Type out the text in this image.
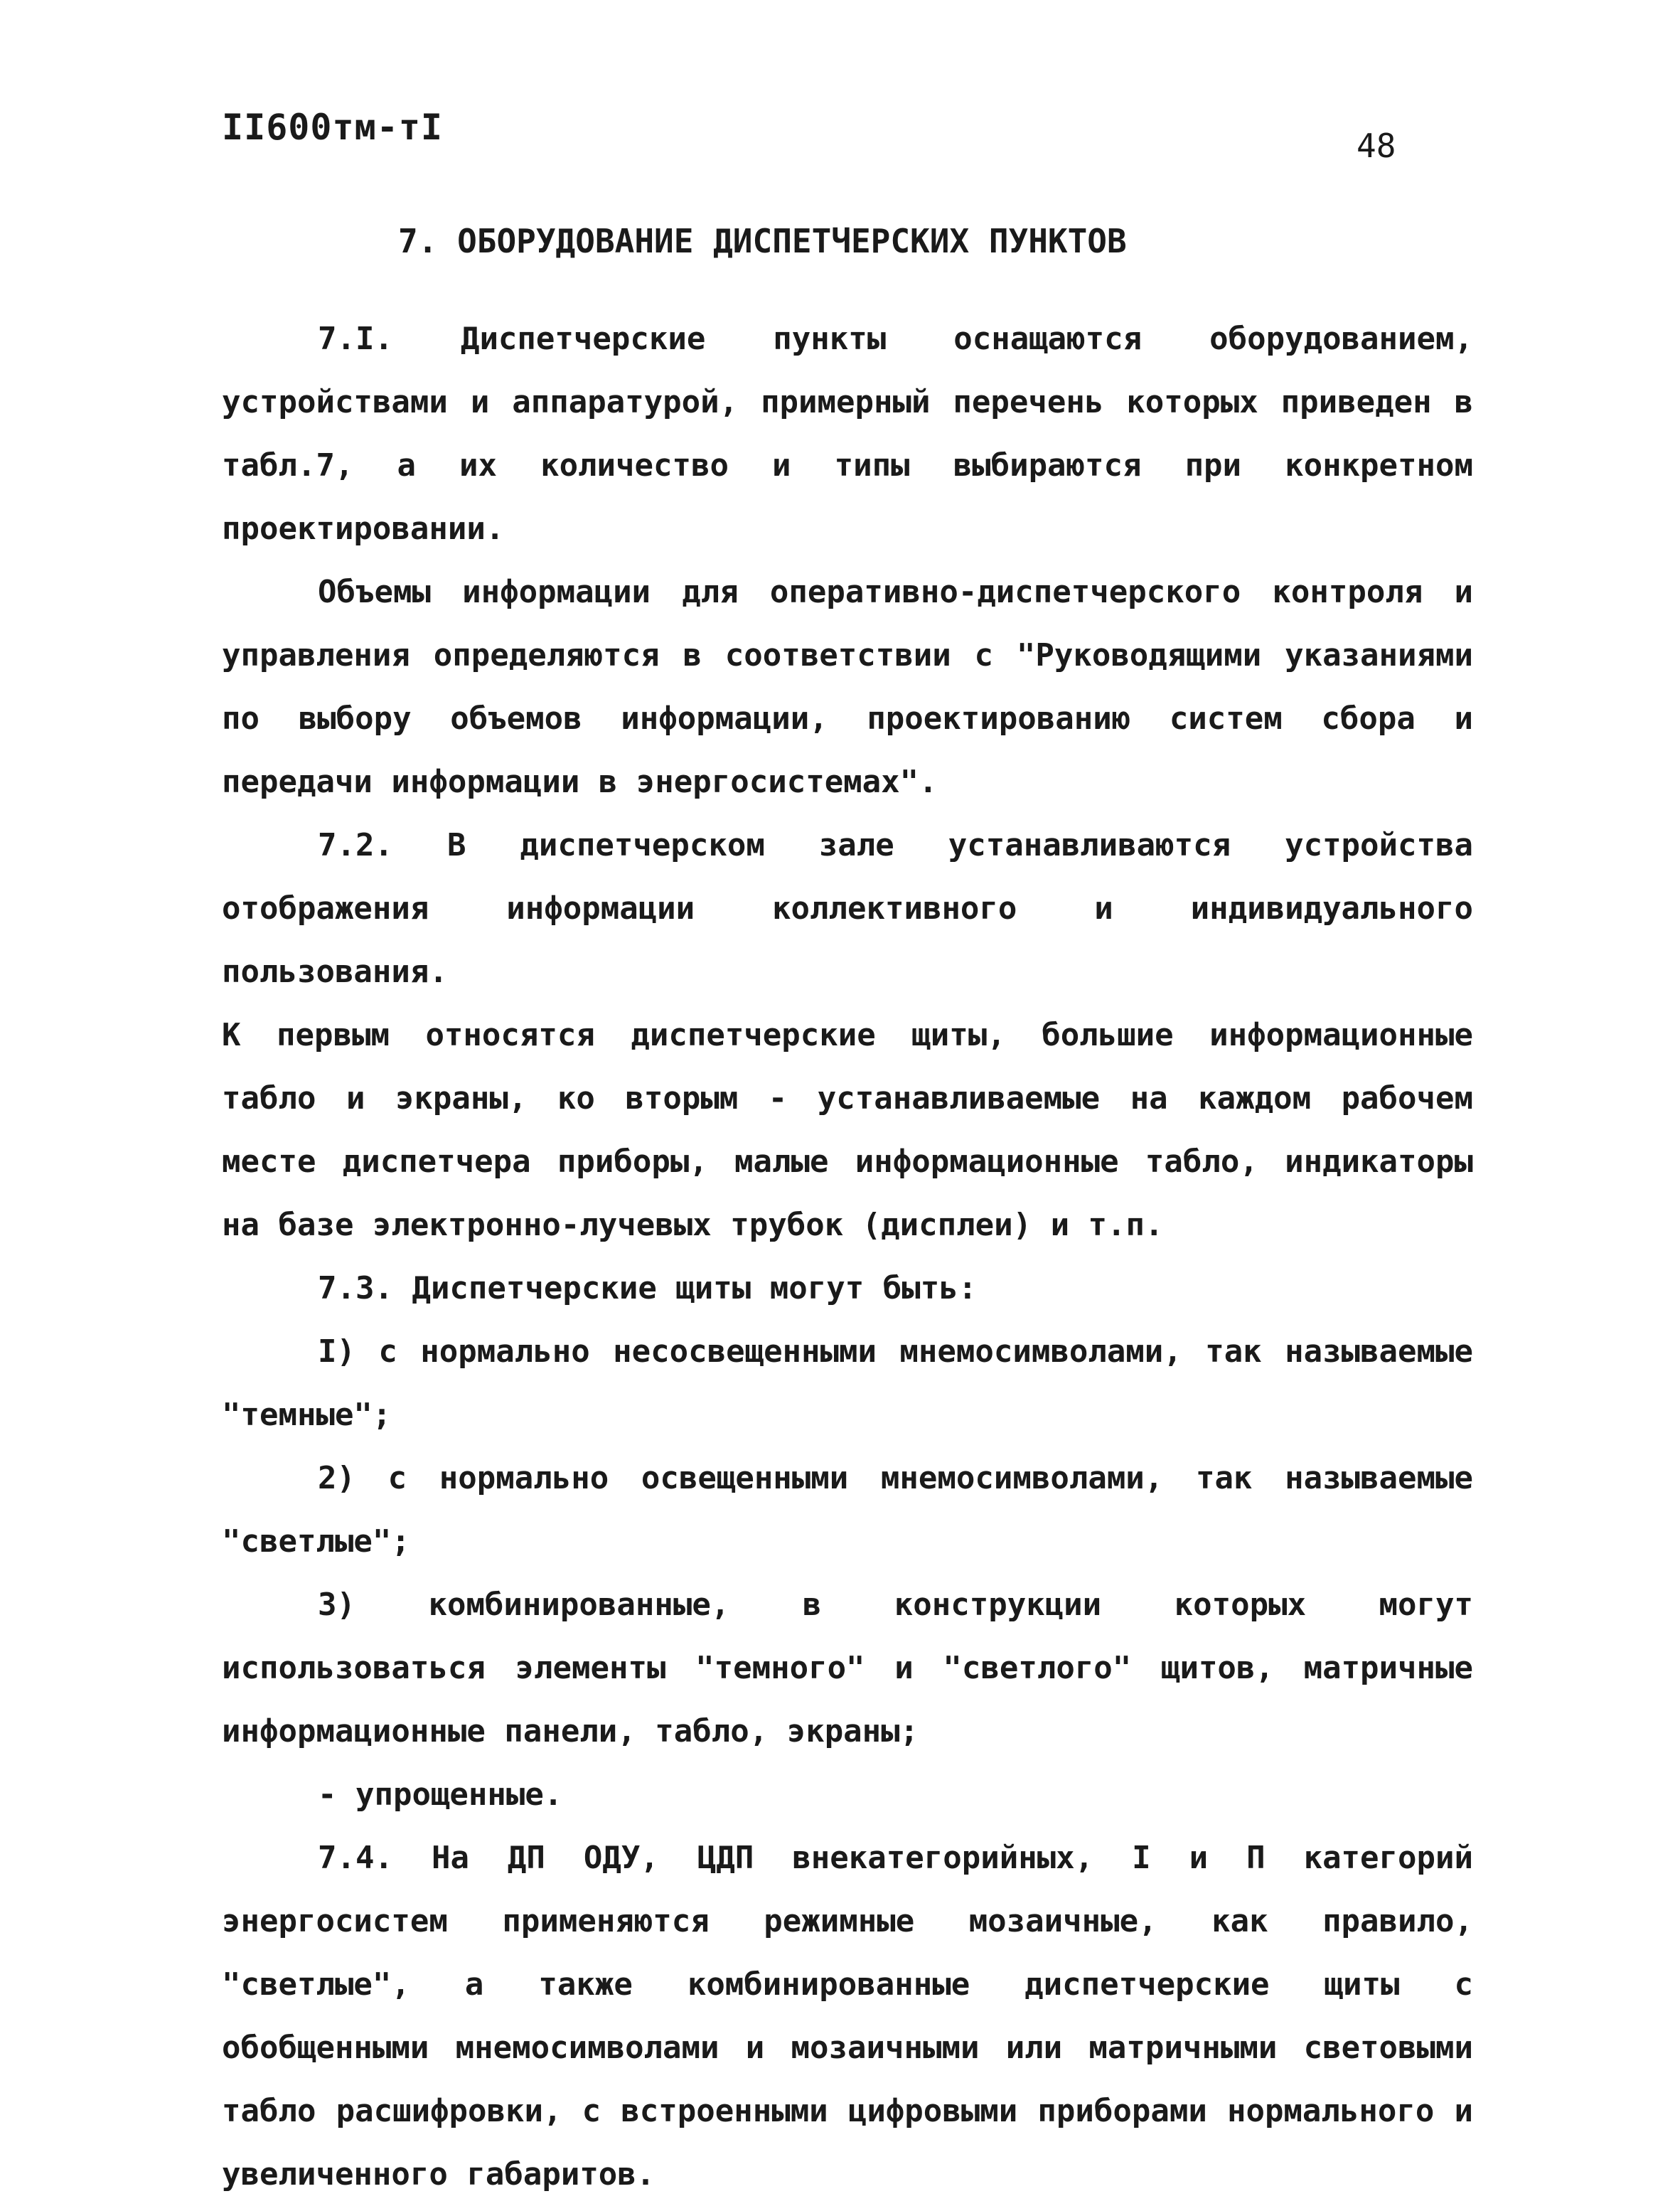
II600тм-тI	48
7. ОБОРУДОВАНИЕ ДИСПЕТЧЕРСКИХ ПУНКТОВ

7.I. Диспетчерские пункты оснащаются оборудованием, устройствами и аппаратурой, примерный перечень которых приведен в табл.7, а их количество и типы выбираются при конкретном проектировании.

Объемы информации для оперативно-диспетчерского контроля и управления определяются в соответствии с "Руководящими указаниями по выбору объемов информации, проектированию систем сбора и передачи информации в энергосистемах".

7.2. В диспетчерском зале устанавливаются устройства отображения информации коллективного и индивидуального пользования.

К первым относятся диспетчерские щиты, большие информационные табло и экраны, ко вторым - устанавливаемые на каждом рабочем месте диспетчера приборы, малые информационные табло, индикаторы на базе электронно-лучевых трубок (дисплеи) и т.п.

7.3. Диспетчерские щиты могут быть:

I) с нормально несосвещенными мнемосимволами, так называемые "темные";

2) с нормально освещенными мнемосимволами, так называемые "светлые";

3) комбинированные, в конструкции которых могут использоваться элементы "темного" и "светлого" щитов, матричные информационные панели, табло, экраны;

- упрощенные.

7.4. На ДП ОДУ, ЦДП внекатегорийных, I и П категорий энергосистем применяются режимные мозаичные, как правило, "светлые", а также комбинированные диспетчерские щиты с обобщенными мнемосимволами и мозаичными или матричными световыми табло расшифровки, с встроенными цифровыми приборами нормального и увеличенного габаритов.
